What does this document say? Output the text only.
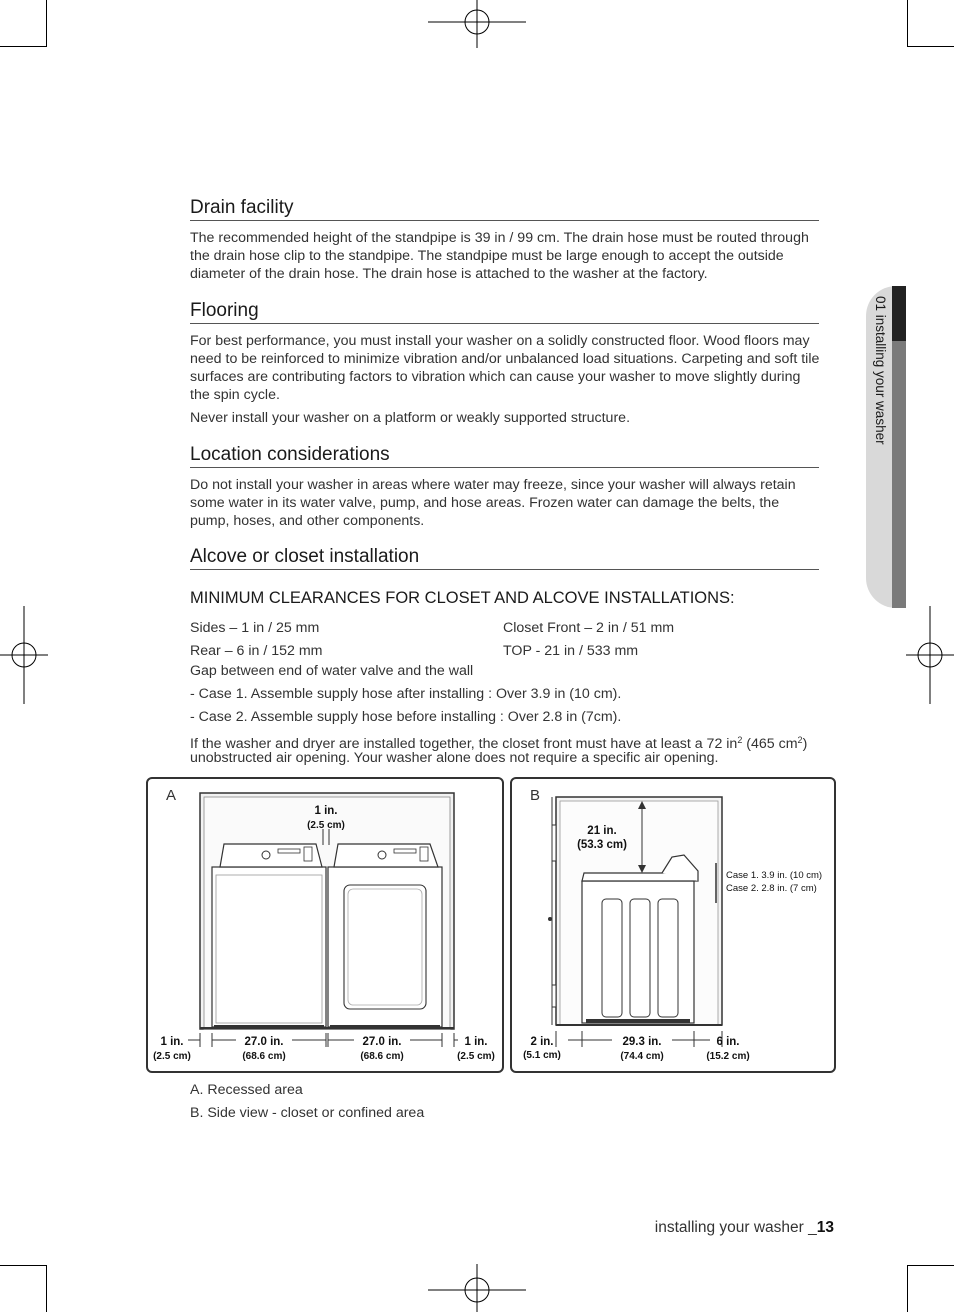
01 installing your washer
Drain facility

The recommended height of the standpipe is 39 in / 99 cm. The drain hose must be routed through the drain hose clip to the standpipe. The standpipe must be large enough to accept the outside diameter of the drain hose. The drain hose is attached to the washer at the factory.

Flooring

For best performance, you must install your washer on a solidly constructed floor. Wood floors may need to be reinforced to minimize vibration and/or unbalanced load situations. Carpeting and soft tile surfaces are contributing factors to vibration which can cause your washer to move slightly during the spin cycle.

Never install your washer on a platform or weakly supported structure.

Location considerations

Do not install your washer in areas where water may freeze, since your washer will always retain some water in its water valve, pump, and hose areas. Frozen water can damage the belts, the pump, hoses, and other components.

Alcove or closet installation
MINIMUM CLEARANCES FOR CLOSET AND ALCOVE INSTALLATIONS:
Sides – 1 in / 25 mm	Closet Front – 2 in / 51 mm
Rear – 6 in / 152 mm	TOP - 21 in / 533 mm
Gap between end of water valve and the wall
- Case 1. Assemble supply hose after installing : Over 3.9 in (10 cm).
- Case 2. Assemble supply hose before installing : Over 2.8 in (7cm).
If the washer and dryer are installed together, the closet front must have at least a 72 $in^2$ (465 $cm^2$)
unobstructed air opening. Your washer alone does not require a specific air opening.
A
1 in.
(2.5 cm)
1 in.
(2.5 cm)
27.0 in.
(68.6 cm)
27.0 in.
(68.6 cm)
1 in.
(2.5 cm)
B
21 in.
(53.3 cm)
Case 1. 3.9 in. (10 cm)
Case 2. 2.8 in. (7 cm)
2 in.
(5.1 cm)
29.3 in.
(74.4 cm)
6 in.
(15.2 cm)
A. Recessed area
B. Side view - closet or confined area
installing your washer _13
